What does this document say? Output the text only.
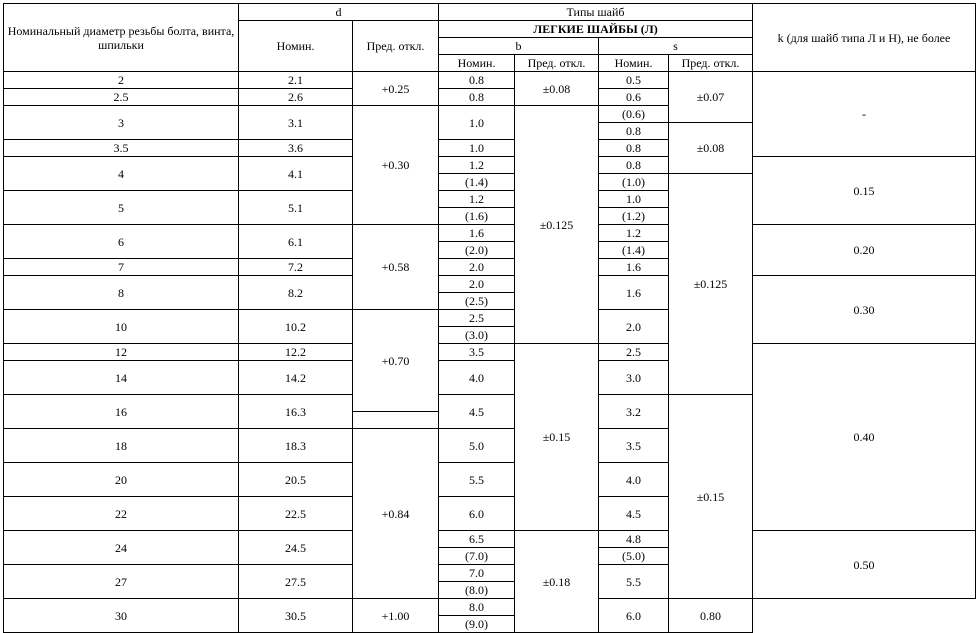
Номинальный диаметр резьбы болта, винта, шпильки	d		Типы шайб				k (для шайб типа Л и Н), не более
	Номин.	Пред. откл.	ЛЕГКИЕ ШАЙБЫ (Л)				
			b		s		
			Номин.	Пред. откл.	Номин.	Пред. откл.	

2	2.1	+0.25	0.8	±0.08	0.5	±0.07	-
2.5	2.6		0.8		0.6		
3	3.1	+0.30	1.0	±0.125	(0.6)		
					0.8	±0.08	
3.5	3.6		1.0		0.8		
4	4.1		1.2		0.8		0.15
			(1.4)		(1.0)	±0.125	
5	5.1		1.2		1.0		
			(1.6)		(1.2)		
6	6.1	+0.58	1.6		1.2		0.20
			(2.0)		(1.4)		
7	7.2		2.0		1.6		
8	8.2		2.0		1.6		0.30
			(2.5)				
10	10.2	+0.70	2.5		2.0		
			(3.0)				
12	12.2		3.5	±0.15	2.5		0.40
14	14.2		4.0		3.0		

16	16.3		4.5		3.2	±0.15	

18	18.3	+0.84	5.0		3.5		

20	20.5		5.5		4.0		

22	22.5		6.0		4.5		

24	24.5		6.5	±0.18	4.8		0.50
			(7.0)		(5.0)		
27	27.5		7.0		5.5		
			(8.0)				
30	30.5	+1.00	8.0		6.0	0.80	
			(9.0)				
